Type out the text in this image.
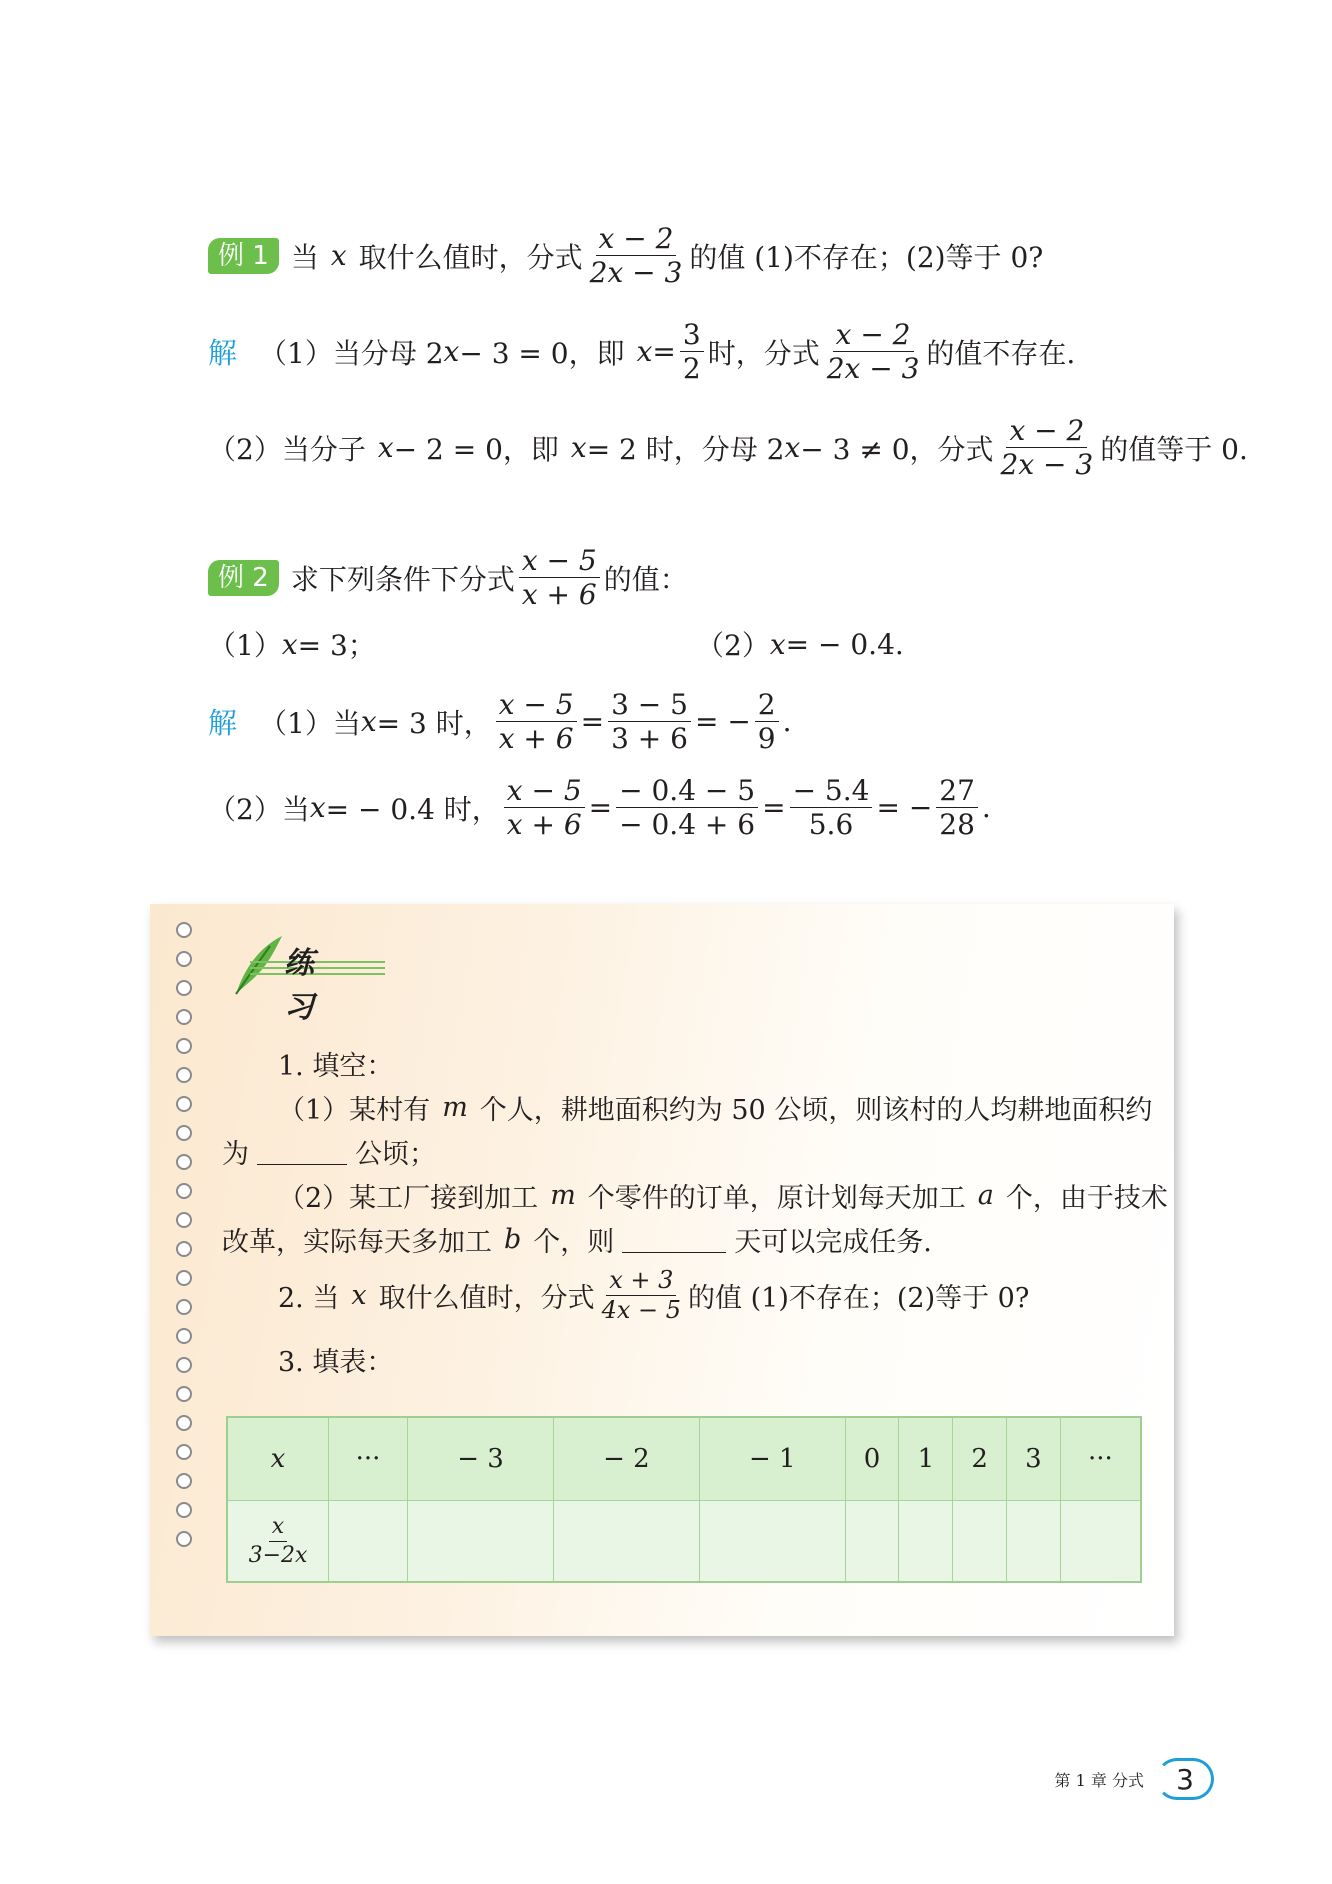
例 1 当 x 取什么值时，分式 $\frac{x - 2}{2x - 3}$ 的值 (1)不存在；(2)等于 0?
解 （1）当分母 2 x − 3 = 0，即 $x = \frac{3}{2}$ 时，分式 $\frac{x - 2}{2x - 3}$ 的值不存在.
（2）当分子 x − 2 = 0，即 x = 2 时，分母 2 x − 3 ≠ 0，分式 $\frac{x - 2}{2x - 3}$ 的值等于 0.
例 2 求下列条件下分式 $\frac{x - 5}{x + 6}$ 的值：
（1） x = 3；	（2） x = − 0.4.
解 （1）当 x = 3 时， $\frac{x - 5}{x + 6} = \frac{3 - 5}{3 + 6}$ = − $\frac{2}{9}$ .
（2）当 x = − 0.4 时， $\frac{x - 5}{x + 6} = \frac{- 0.4 - 5}{- 0.4 + 6} = \frac{- 5.4}{5.6}$ = − $\frac{27}{28}$ .
练习
1. 填空：
（1）某村有 m 个人，耕地面积约为 50 公顷，则该村的人均耕地面积约
为	公顷；
（2）某工厂接到加工 m 个零件的订单，原计划每天加工 a 个，由于技术
改革，实际每天多加工 b 个，则	天可以完成任务.
2. 当 x 取什么值时，分式 $\frac{x + 3}{4x - 5}$ 的值 (1)不存在；(2)等于 0?
3. 填表：
x	···	− 3	− 2	− 1	0	1	2	3	···

$\frac{x}{3-2x}$

第 1 章 分式	3
